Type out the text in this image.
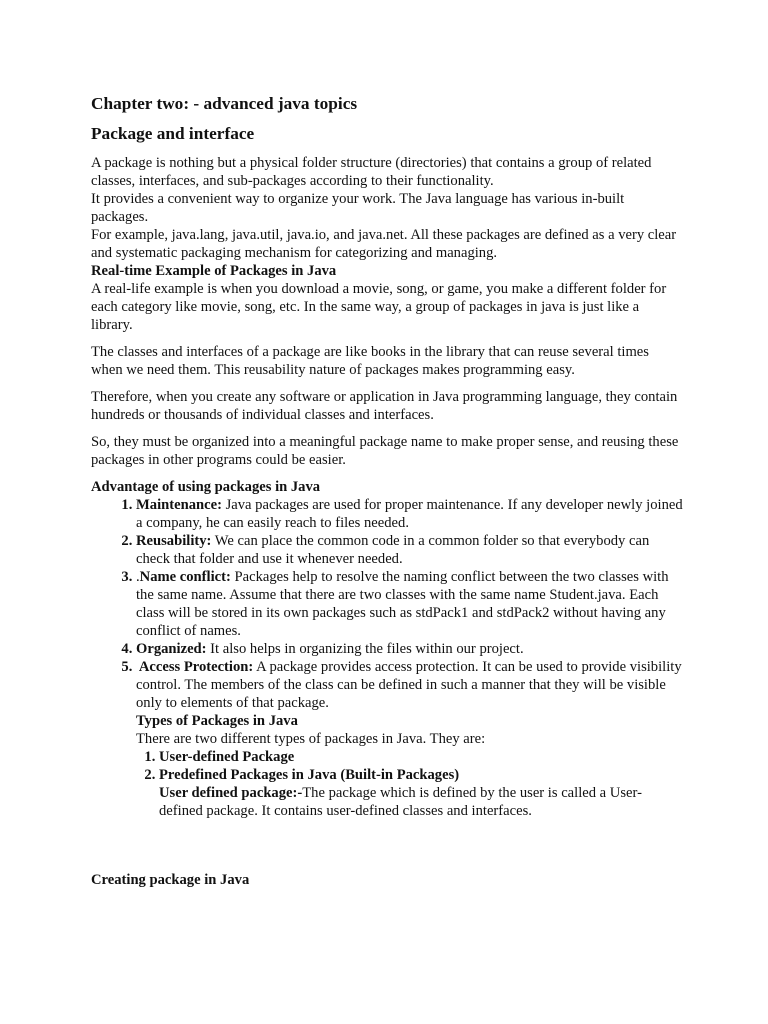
Chapter two: - advanced java topics
Package and interface

A package is nothing but a physical folder structure (directories) that contains a group of related classes, interfaces, and sub-packages according to their functionality.

It provides a convenient way to organize your work. The Java language has various in-built packages.

For example, java.lang, java.util, java.io, and java.net. All these packages are defined as a very clear and systematic packaging mechanism for categorizing and managing.

Real-time Example of Packages in Java

A real-life example is when you download a movie, song, or game, you make a different folder for each category like movie, song, etc. In the same way, a group of packages in java is just like a library.

The classes and interfaces of a package are like books in the library that can reuse several times when we need them. This reusability nature of packages makes programming easy.

Therefore, when you create any software or application in Java programming language, they contain hundreds or thousands of individual classes and interfaces.

So, they must be organized into a meaningful package name to make proper sense, and reusing these packages in other programs could be easier.

Advantage of using packages in Java

1. Maintenance: Java packages are used for proper maintenance. If any developer newly joined a company, he can easily reach to files needed.
2. Reusability: We can place the common code in a common folder so that everybody can check that folder and use it whenever needed.
3. .Name conflict: Packages help to resolve the naming conflict between the two classes with the same name. Assume that there are two classes with the same name Student.java. Each class will be stored in its own packages such as stdPack1 and stdPack2 without having any conflict of names.
4. Organized: It also helps in organizing the files within our project.
5.  Access Protection: A package provides access protection. It can be used to provide visibility control. The members of the class can be defined in such a manner that they will be visible only to elements of that package.

Types of Packages in Java

There are two different types of packages in Java. They are:

1. User-defined Package
2. Predefined Packages in Java (Built-in Packages)

User defined package:-The package which is defined by the user is called a User-defined package. It contains user-defined classes and interfaces.

Creating package in Java
